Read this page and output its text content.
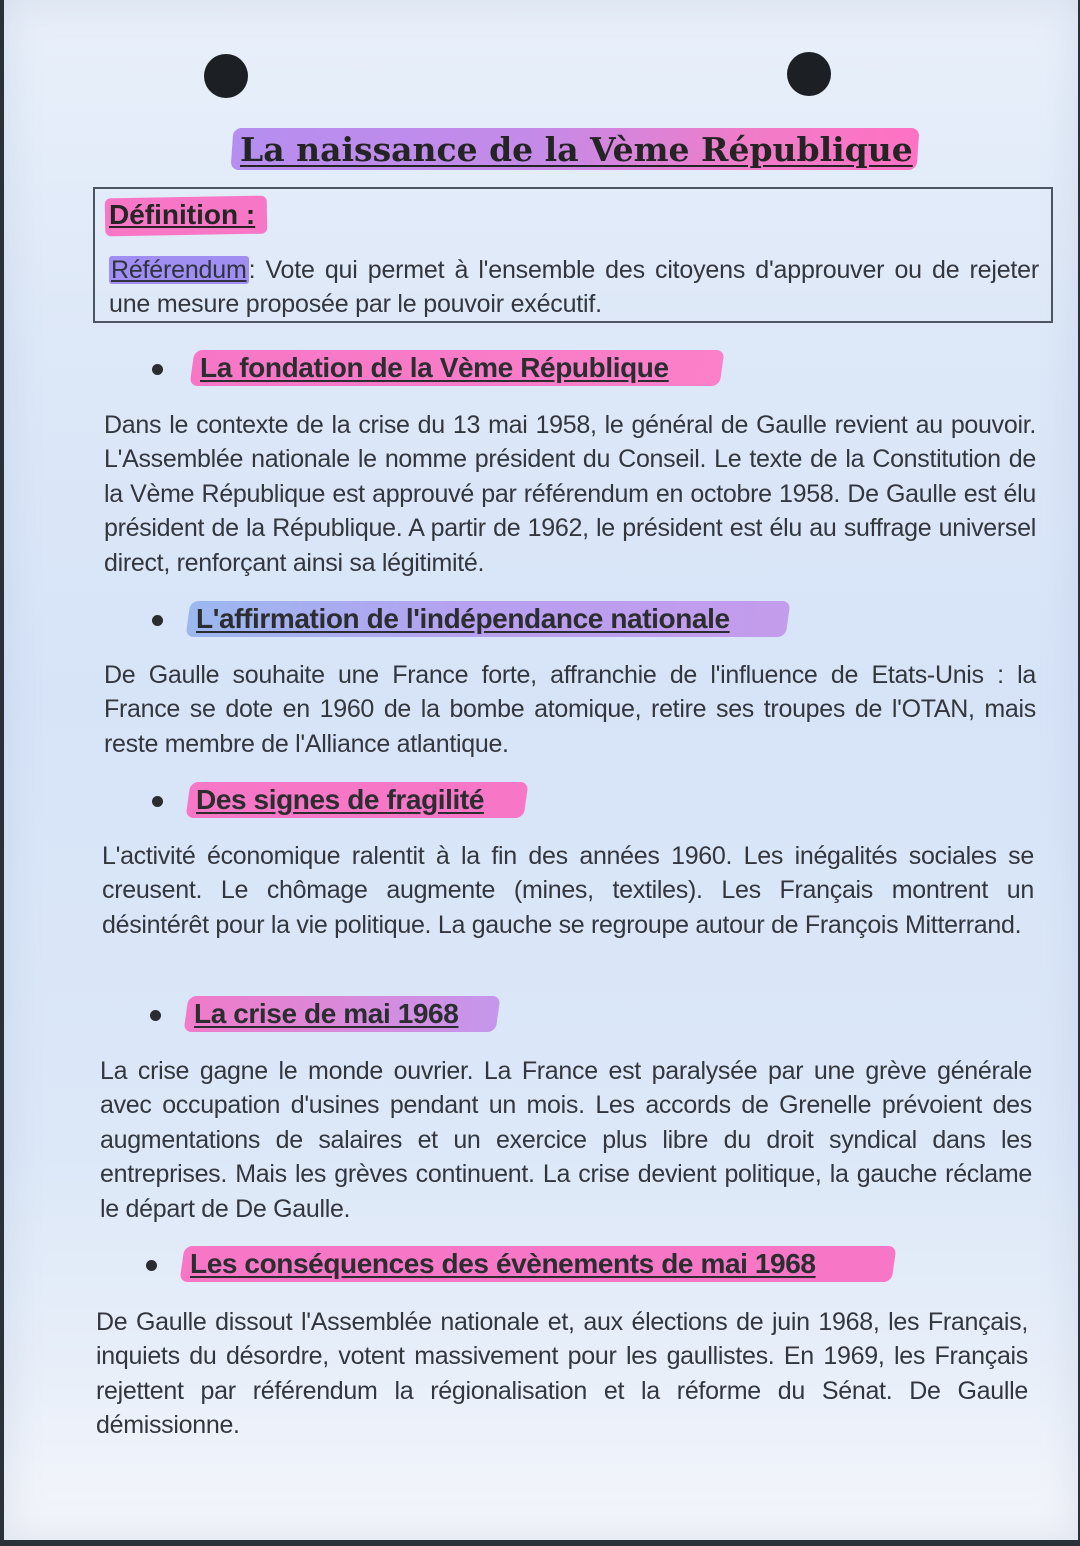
La naissance de la Vème République
Définition :

Référendum: Vote qui permet à l'ensemble des citoyens d'approuver ou de rejeter une mesure proposée par le pouvoir exécutif.

La fondation de la Vème République

Dans le contexte de la crise du 13 mai 1958, le général de Gaulle revient au pouvoir. L'Assemblée nationale le nomme président du Conseil. Le texte de la Constitution de la Vème République est approuvé par référendum en octobre 1958. De Gaulle est élu président de la République. A partir de 1962, le président est élu au suffrage universel direct, renforçant ainsi sa légitimité.

L'affirmation de l'indépendance nationale

De Gaulle souhaite une France forte, affranchie de l'influence de Etats-Unis : la France se dote en 1960 de la bombe atomique, retire ses troupes de l'OTAN, mais reste membre de l'Alliance atlantique.

Des signes de fragilité

L'activité économique ralentit à la fin des années 1960. Les inégalités sociales se creusent. Le chômage augmente (mines, textiles). Les Français montrent un désintérêt pour la vie politique. La gauche se regroupe autour de François Mitterrand.

La crise de mai 1968

La crise gagne le monde ouvrier. La France est paralysée par une grève générale avec occupation d'usines pendant un mois. Les accords de Grenelle prévoient des augmentations de salaires et un exercice plus libre du droit syndical dans les entreprises. Mais les grèves continuent. La crise devient politique, la gauche réclame le départ de De Gaulle.

Les conséquences des évènements de mai 1968

De Gaulle dissout l'Assemblée nationale et, aux élections de juin 1968, les Français, inquiets du désordre, votent massivement pour les gaullistes. En 1969, les Français rejettent par référendum la régionalisation et la réforme du Sénat. De Gaulle démissionne.
